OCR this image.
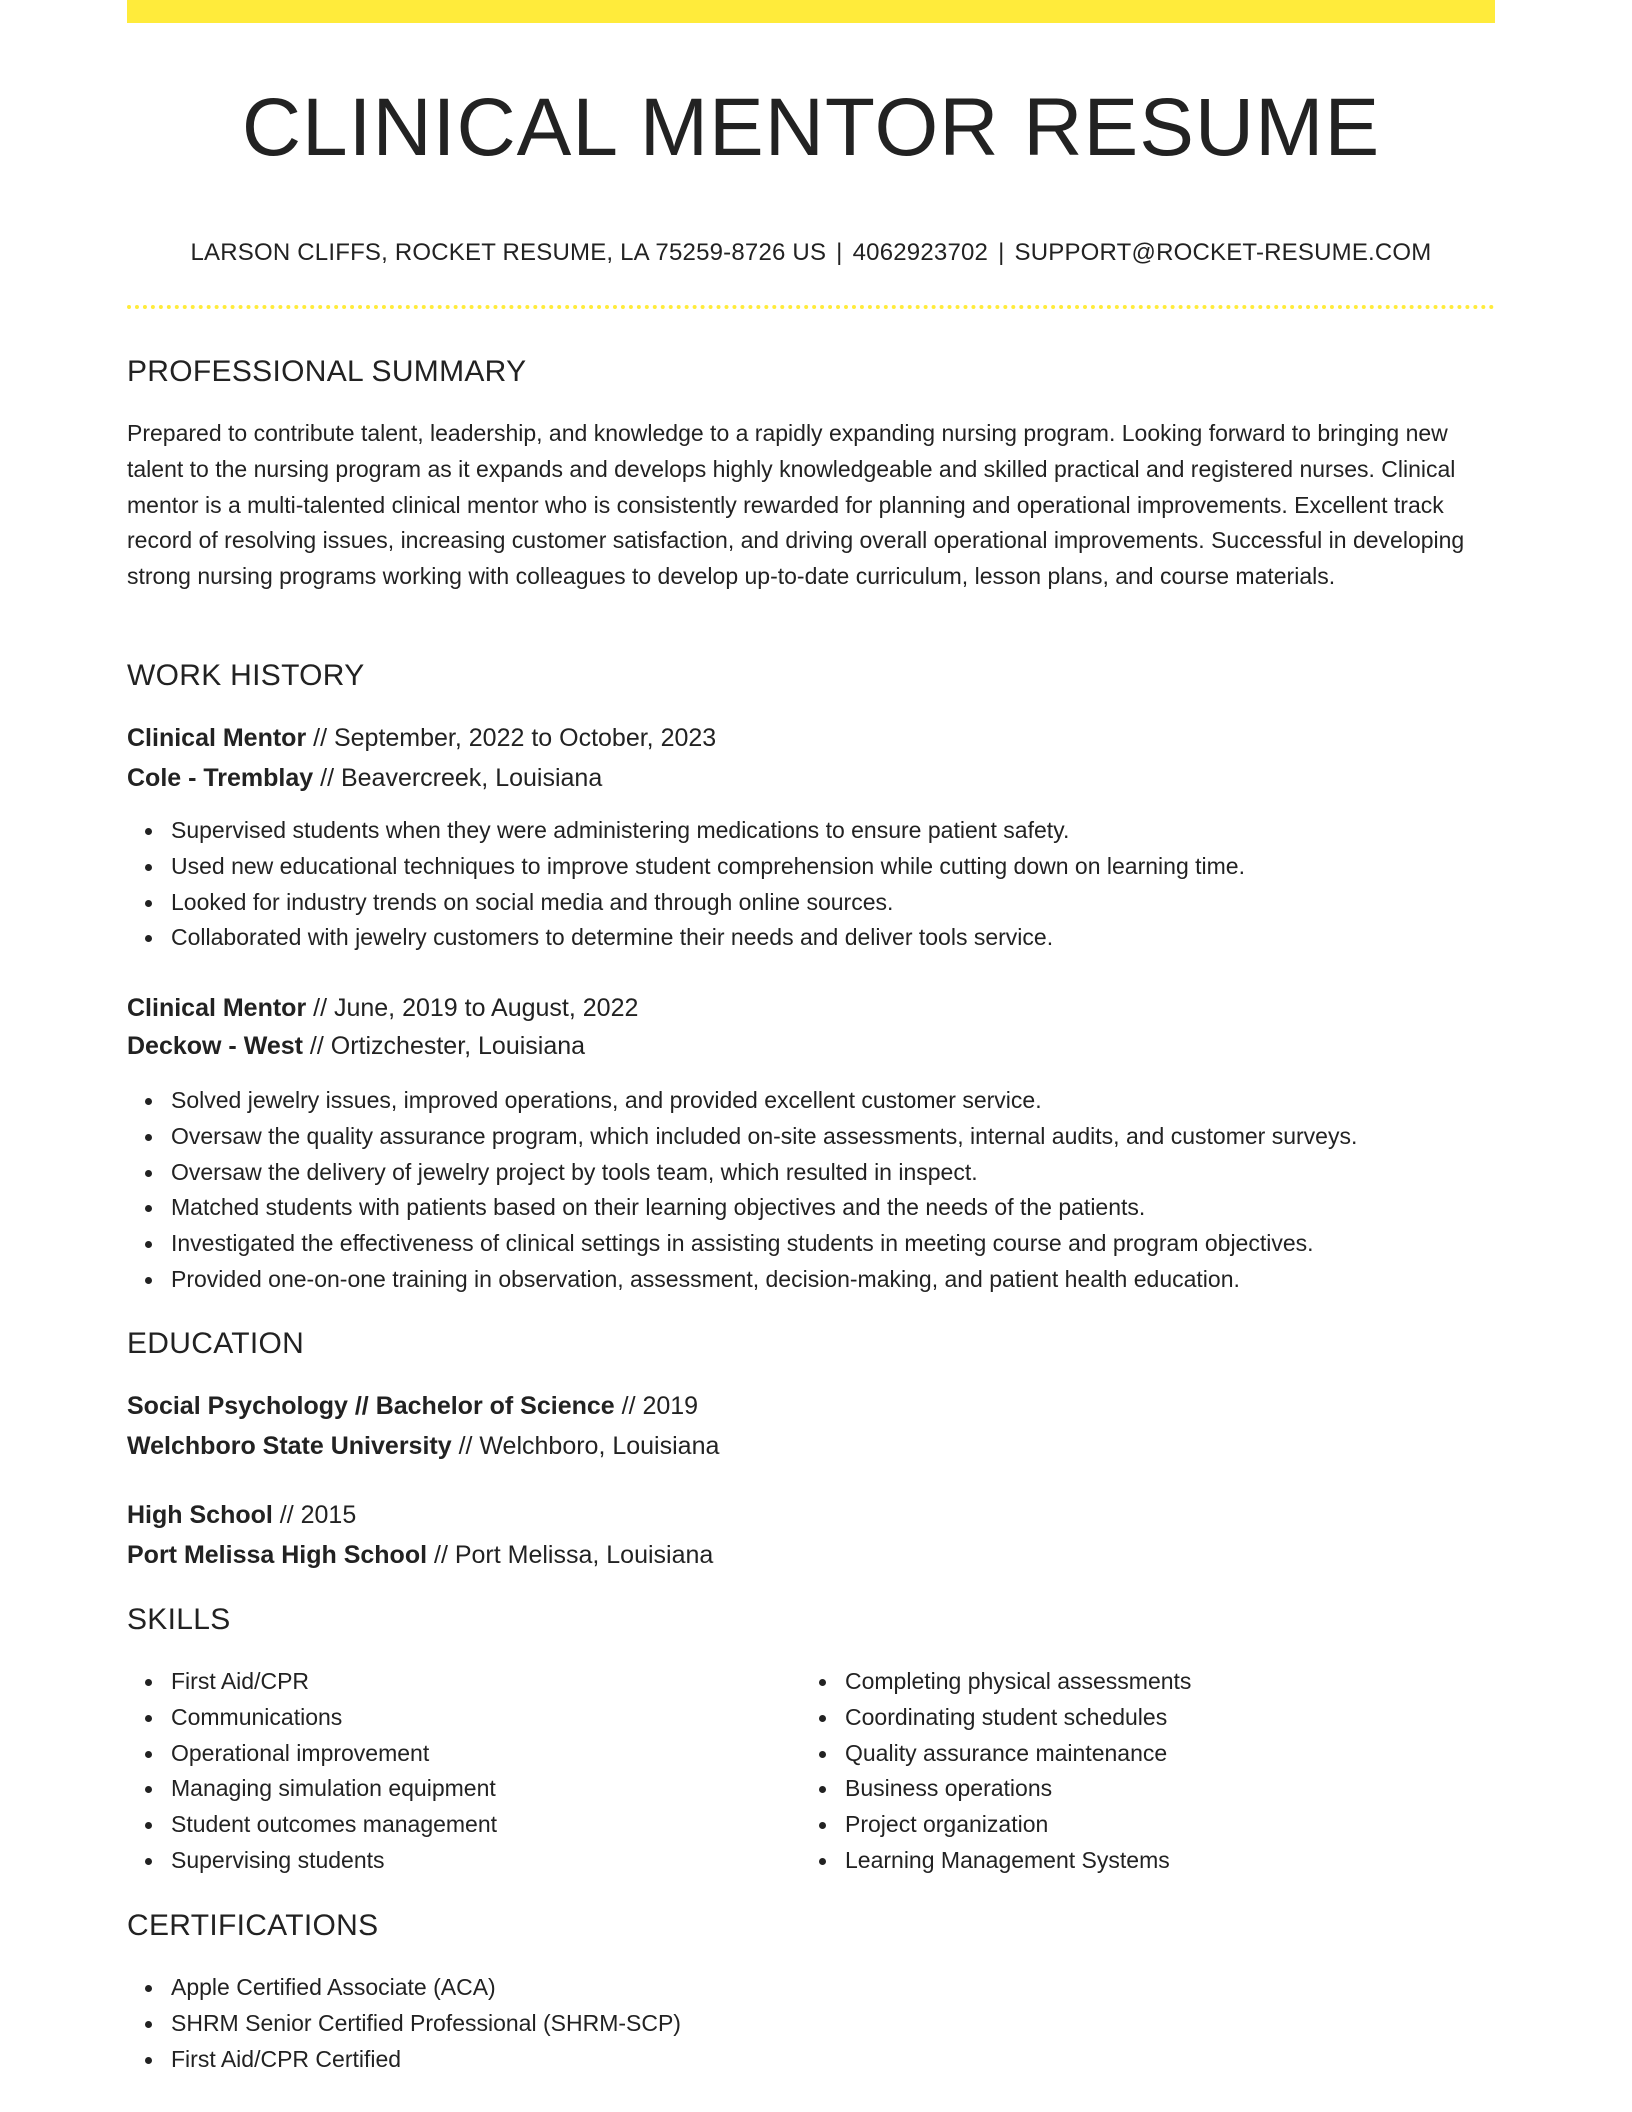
CLINICAL MENTOR RESUME
LARSON CLIFFS, ROCKET RESUME, LA 75259-8726 US | 4062923702 | SUPPORT@ROCKET-RESUME.COM
PROFESSIONAL SUMMARY

Prepared to contribute talent, leadership, and knowledge to a rapidly expanding nursing program. Looking forward to bringing new talent to the nursing program as it expands and develops highly knowledgeable and skilled practical and registered nurses. Clinical mentor is a multi-talented clinical mentor who is consistently rewarded for planning and operational improvements. Excellent track record of resolving issues, increasing customer satisfaction, and driving overall operational improvements. Successful in developing strong nursing programs working with colleagues to develop up-to-date curriculum, lesson plans, and course materials.

WORK HISTORY
Clinical Mentor // September, 2022 to October, 2023
Cole - Tremblay // Beavercreek, Louisiana
Supervised students when they were administering medications to ensure patient safety.
Used new educational techniques to improve student comprehension while cutting down on learning time.
Looked for industry trends on social media and through online sources.
Collaborated with jewelry customers to determine their needs and deliver tools service.
Clinical Mentor // June, 2019 to August, 2022
Deckow - West // Ortizchester, Louisiana
Solved jewelry issues, improved operations, and provided excellent customer service.
Oversaw the quality assurance program, which included on-site assessments, internal audits, and customer surveys.
Oversaw the delivery of jewelry project by tools team, which resulted in inspect.
Matched students with patients based on their learning objectives and the needs of the patients.
Investigated the effectiveness of clinical settings in assisting students in meeting course and program objectives.
Provided one-on-one training in observation, assessment, decision-making, and patient health education.
EDUCATION
Social Psychology // Bachelor of Science // 2019
Welchboro State University // Welchboro, Louisiana
High School // 2015
Port Melissa High School // Port Melissa, Louisiana
SKILLS
First Aid/CPR
Communications
Operational improvement
Managing simulation equipment
Student outcomes management
Supervising students
Completing physical assessments
Coordinating student schedules
Quality assurance maintenance
Business operations
Project organization
Learning Management Systems
CERTIFICATIONS
Apple Certified Associate (ACA)
SHRM Senior Certified Professional (SHRM-SCP)
First Aid/CPR Certified
